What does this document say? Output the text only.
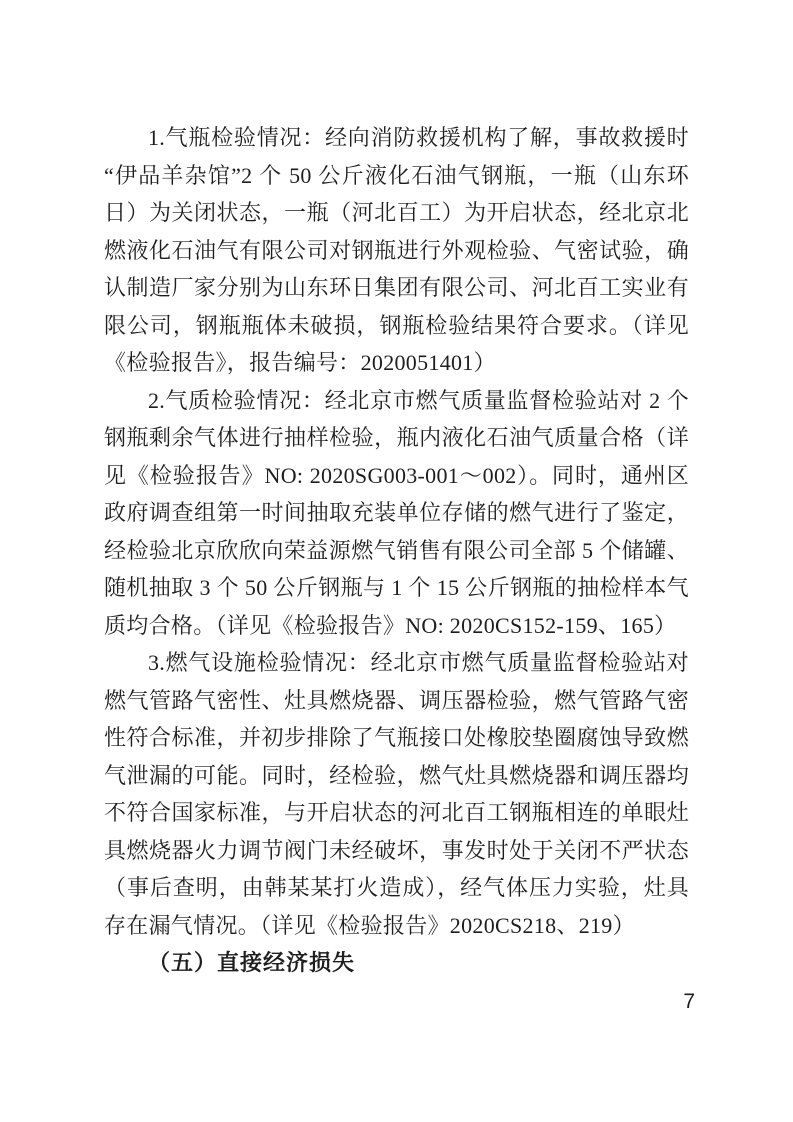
1.气瓶检验情况：经向消防救援机构了解，事故救援时“伊品羊杂馆”2 个 50 公斤液化石油气钢瓶，一瓶（山东环日）为关闭状态，一瓶（河北百工）为开启状态，经北京北燃液化石油气有限公司对钢瓶进行外观检验、气密试验，确认制造厂家分别为山东环日集团有限公司、河北百工实业有限公司，钢瓶瓶体未破损，钢瓶检验结果符合要求。（详见《检验报告》，报告编号：2020051401）

2.气质检验情况：经北京市燃气质量监督检验站对 2 个钢瓶剩余气体进行抽样检验，瓶内液化石油气质量合格（详见《检验报告》NO: 2020SG003-001～002）。同时，通州区政府调查组第一时间抽取充装单位存储的燃气进行了鉴定，经检验北京欣欣向荣益源燃气销售有限公司全部 5 个储罐、随机抽取 3 个 50 公斤钢瓶与 1 个 15 公斤钢瓶的抽检样本气质均合格。（详见《检验报告》NO: 2020CS152-159、165）

3.燃气设施检验情况：经北京市燃气质量监督检验站对燃气管路气密性、灶具燃烧器、调压器检验，燃气管路气密性符合标准，并初步排除了气瓶接口处橡胶垫圈腐蚀导致燃气泄漏的可能。同时，经检验，燃气灶具燃烧器和调压器均不符合国家标准，与开启状态的河北百工钢瓶相连的单眼灶具燃烧器火力调节阀门未经破坏，事发时处于关闭不严状态（事后查明，由韩某某打火造成），经气体压力实验，灶具存在漏气情况。（详见《检验报告》2020CS218、219）

（五）直接经济损失

7
